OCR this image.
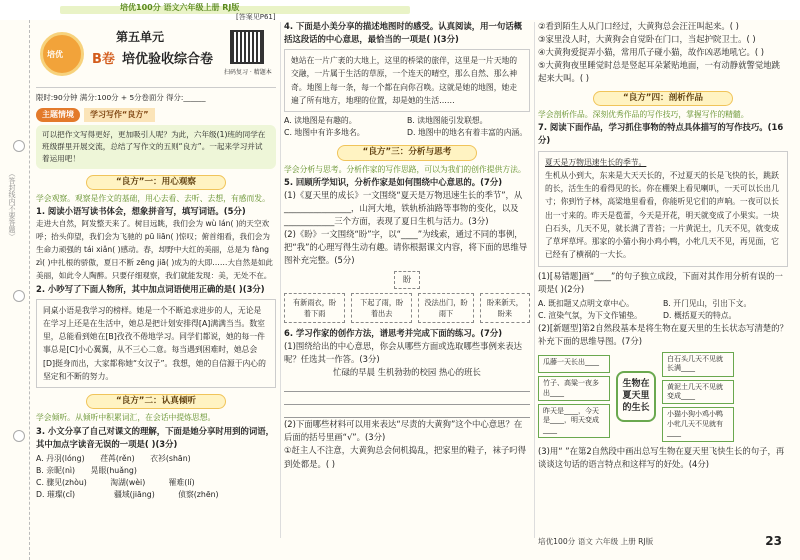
培优100分 语文六年级上册 RJ版
（答封线内不要答题）
[答案见P61]
培优
第五单元
B卷 培优验收综合卷
扫码复习 · 精题本
限时:90分钟 满分:100分 + 5分卷面分 得分:______
主题情境	学习写作“良方”
可以把作文写得更好，更加吸引人呢？为此，六年级(1)班的同学在班级群里开展交流，总结了写作文的五则“良方”。一起来学习并试着运用吧！
“良方”一：用心观察

学会观察。观察是作文的基础，用心去看、去听、去想，有感而发。

1. 阅读小语写读书体会，想象拼音写，填写词语。(5分)

走进大自然，阿发整天来了。树目远眺，我们会为 wù lán( )的天空欢呼；抬头仰望，我们会为飞驰的 pū liān( )惊叹；俯首细看，我们会为生命力顽强的 tái xiǎn( )感动。春，却野中大红的美丽，总是为 fàng zì( )中扎根的骄傲，夏日不断 zēng jiā( )成为的大即……大自然是如此美丽，如此令人陶醉。只要仔细观察，我们就能发现：美，无处不在。

2. 小吵写了下面人物所，其中加点词语使用正确的是( )(3分)

同桌小语是我学习的榜样。她是一个不断追求进步的人，无论是在学习上还是在生活中，她总是把计划安排得[A]满满当当。数室里，总能看到她在[B]孜孜不倦地学习。同学们都说，她的每一件事总是[C]小心翼翼，从不三心二意。每当遇到困难时，她总会[D]挺身而出，大家都称她“女汉子”。我想，她的自信源于内心的坚定和不断的努力。
“良方”二：认真倾听

学会倾听。从倾听中积累词汇，在会话中提炼思想。

3. 小文分享了自己对课文的理解，下面是她分享时用到的词语，其中加点字读音无误的一项是( )(3分)

A. 丹羽(lóng)　　荏苒(rěn)　　衣衫(shān)

B. 亲昵(nì)　　晃眼(huǎng)　　　　　

C. 骤见(zhòu)　　　淘湖(wèi)　　　罹难(lí)

D. 璀璨(cǐ)　　　　　疆域(jiāng)　　　侦察(zhēn)

4. 下面是小美分享的描述地图时的感受。认真阅读，用一句话概括这段话的中心意思，最恰当的一项是( )(3分)

她站在一片广袤的大地上，这里的桥梁的旅伴，这里是一片天地的交融，一片属于生活的草原，一个连天的晴空，那么自然、那么神奇。地图上每一条，每一个都在向你召唤。这就是她的地图，她走遍了所有地方，地理的位置，却是她的生活……

A. 读地图是有趣的。	B. 读地图能引发联想。

C. 地图中有许多地名。	D. 地图中的地名有着丰富的内涵。

“良方”三：分析与思考

学会分析与思考。分析作家的写作思路，可以为我们的创作提供方法。

5. 回顾所学知识，分析作家是如何围绕中心意思的。(7分)

(1)《夏天里的成长》一文围绕“夏天是万物迅速生长的季节”，从________________，山河大地，铁轨桥油路等事物的变化，以及____________三个方面，表现了夏日生机与活力。(3分)

(2)《盼》一文围绕“盼”字，以“____”为线索，通过不同的事例，把“我”的心理写得生动有趣。请你根据课文内容，将下面的思维导图补充完整。(5分)

盼
有新雨衣，盼着下雨
下起了雨，盼着出去
没法出门，盼雨下
盼来新天，盼来

6. 学习作家的创作方法，谱思考并完成下面的练习。(7分)

(1)围绕给出的中心意思，你会从哪些方面或选取哪些事例来表达呢？任选其一作答。(3分)

忙碌的早晨 生机勃勃的校园 热心的班长

(2)下面哪些材料可以用来表达“尽责的大黄狗”这个中心意思？在后面的括号里画“√”。(3分)

①赶主人不注意，大黄狗总会伺机捣乱，把家里的鞋子，袜子叼得到处都是。( )

②看到陌生人从门口经过，大黄狗总会汪汪叫起来。( )

③家里没人时，大黄狗会自觉卧在门口，当起护院卫士。( )

④大黄狗爱捉弄小猫，常用爪子碰小猫，故作凶恶地吼它。( )

⑤大黄狗夜里睡觉时总是竖起耳朵紧贴地面，一有动静就警觉地跳起来大叫。( )

“良方”四：剖析作品

学会剖析作品。深刻优秀作品的写作技巧，掌握写作的精髓。

7. 阅读下面作品，学习抓住事物的特点具体描写的写作技巧。(16分)

夏天是万物迅速生长的季节。

生机从小到大，东来是大天天长的，不过夏天的长是飞快的长，跳跃的长，活生生的看得见的长。你在棚架上看见喇叭，一天可以长出几寸；你到竹子林，高梁地里看看，你能听见它们的声响。一夜可以长出一寸来的。昨天是苞蕾，今天是开花，明天就变成了小果实。一块白石头，几天不见，就长满了青苔；一片黄泥土，几天不见，就变成了草坪草坪。那家的小猫小狗小鸡小鸭，小牝几天不见，再见面，它已经有了横祸的一大长。

(1)[易错题]画“____”的句子独立成段，下面对其作用分析有误的一项是( )(2分)

A. 既扣题又点明文章中心。	B. 开门见山，引出下文。

C. 渲染气氛，为下文作铺垫。	D. 概括夏天的特点。

(2)[新题型]第2自然段基本是将生物在夏天里的生长状态写清楚的？补充下面的思维导图。(7分)

瓜藤一天长出____
竹子、高粱一夜多出____
昨天是____，今天是____，明天变成____
生物在夏天里的生长
白石头几天不见就长满____
黄泥土几天不见就变成____
小猫小狗小鸡小鸭小牝几天不见就有____

(3)用“ ”在第2自然段中画出总写生物在夏天里飞快生长的句子，再谈谈这句话的语言特点和这样写的好处。(4分)

培优100分 语文 六年级 上册 RJ版	23
